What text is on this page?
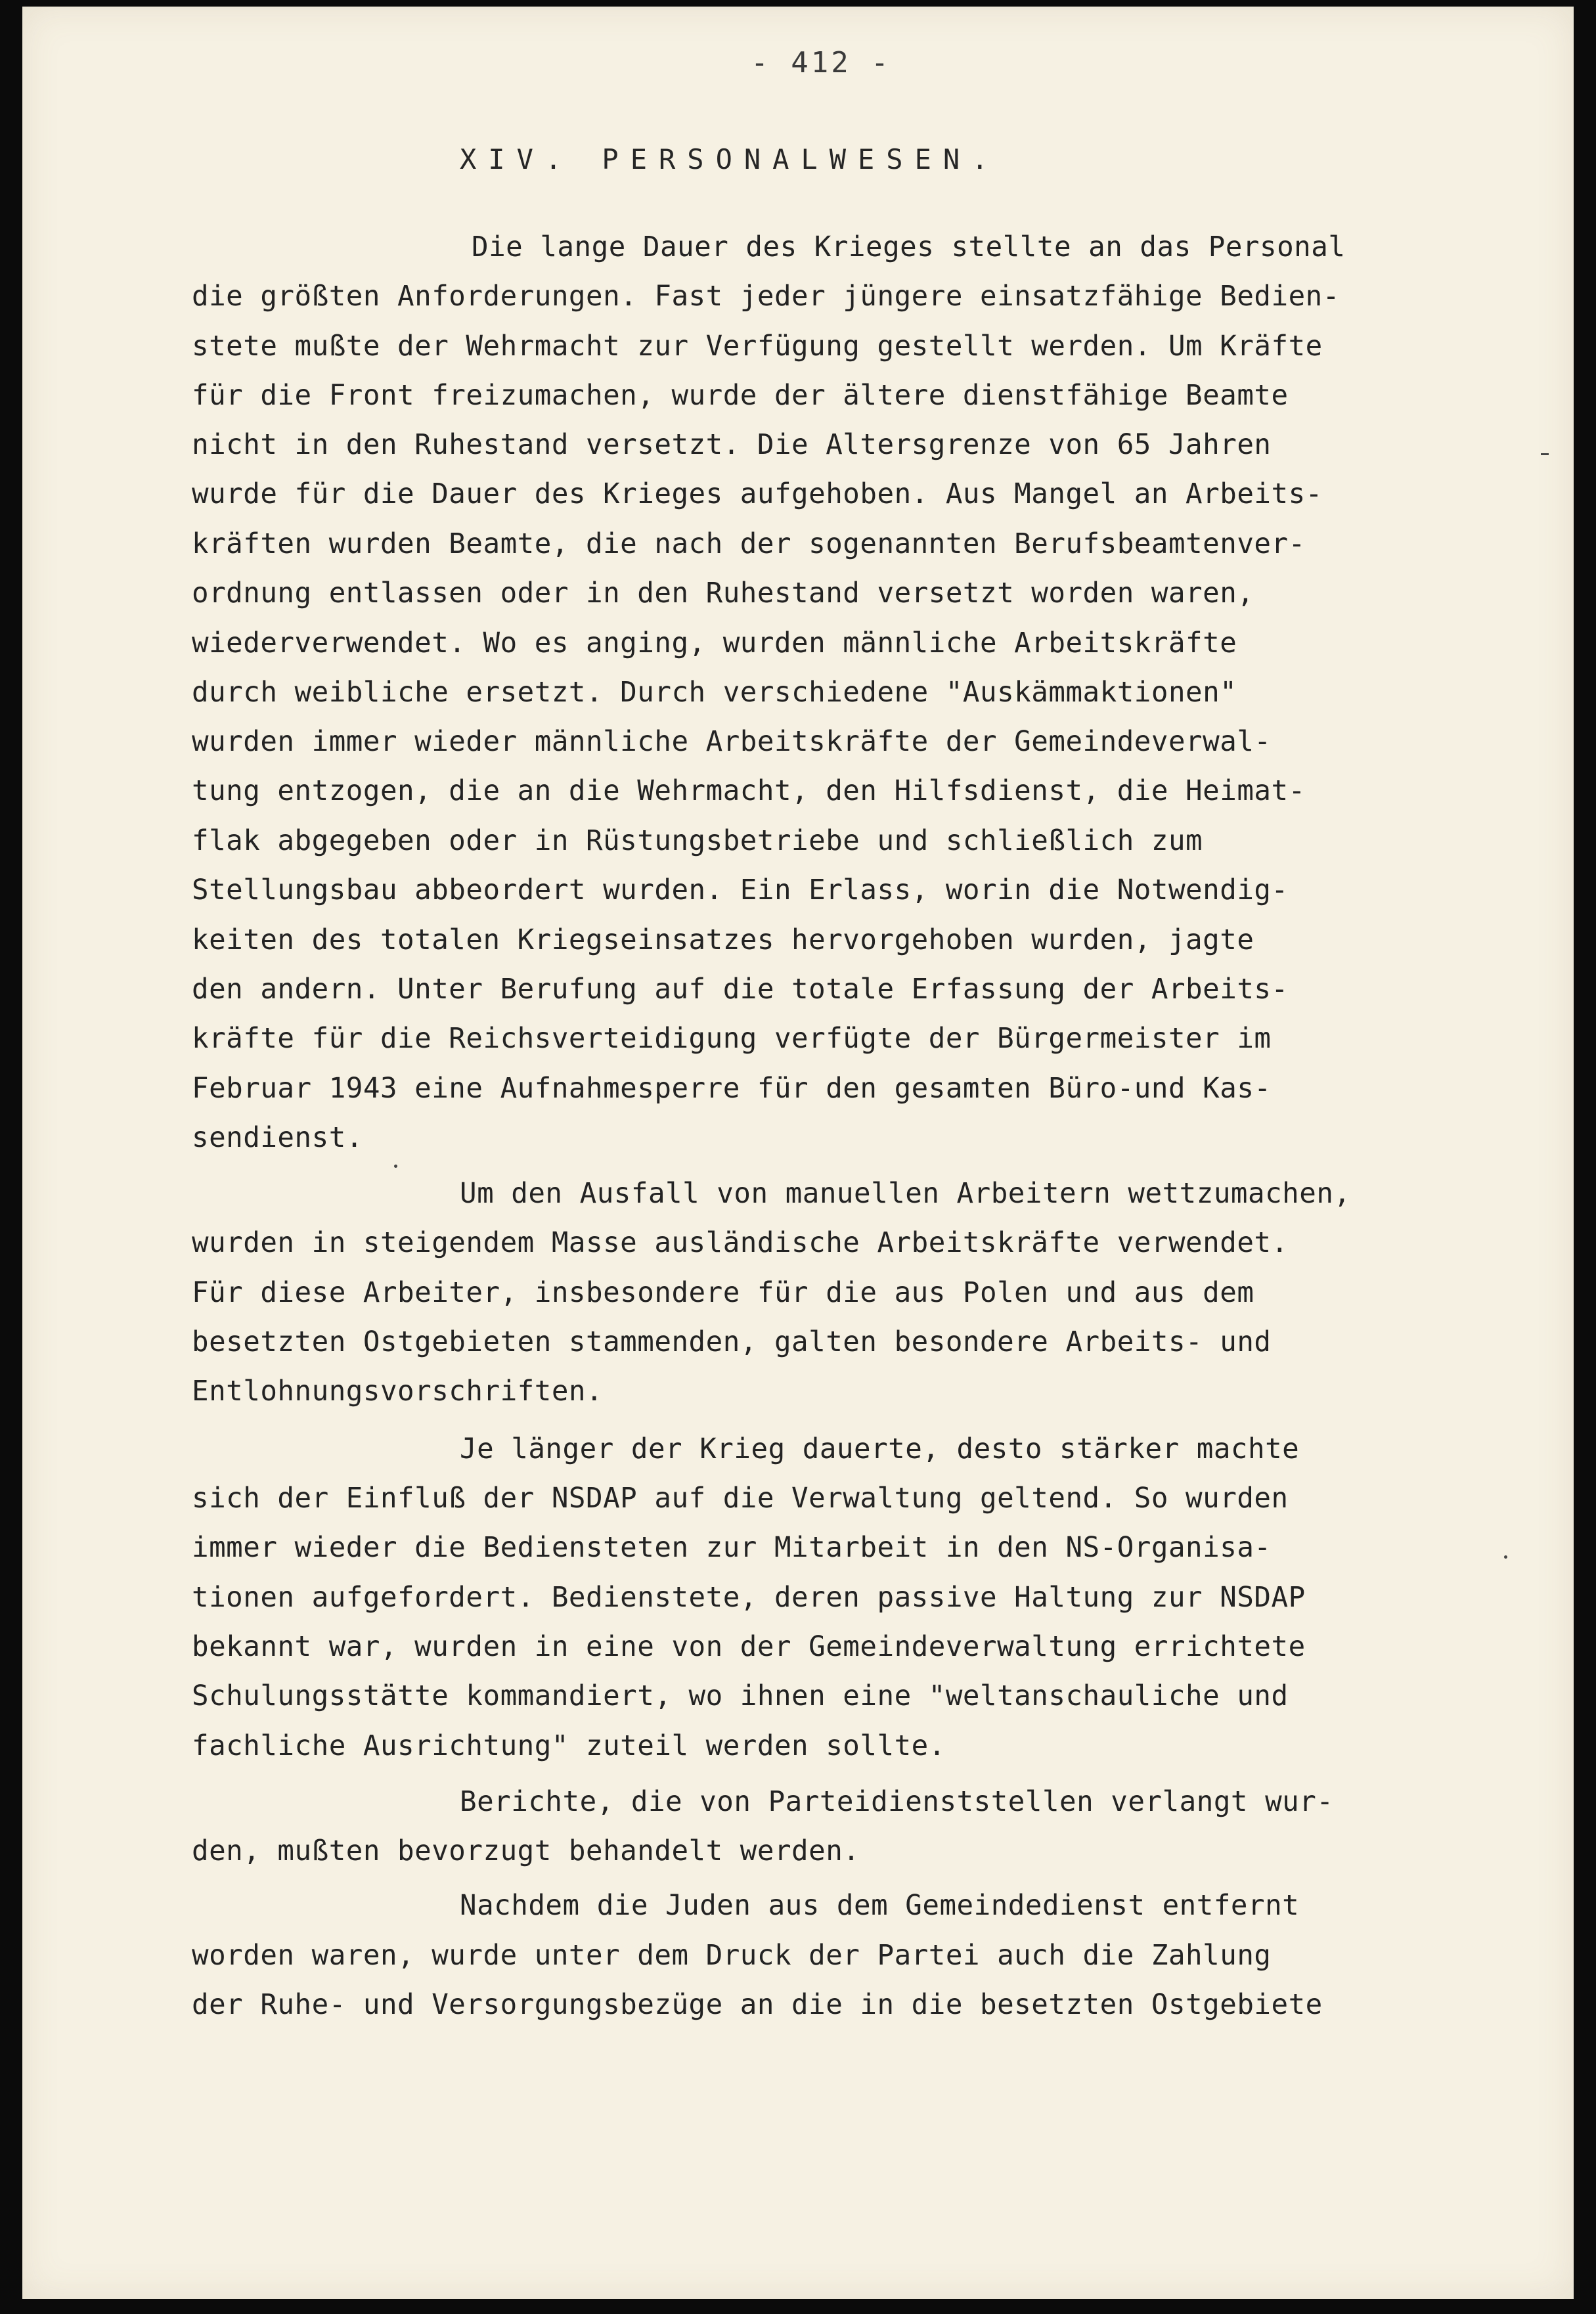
- 412 -
XIV. PERSONALWESEN.
Die lange Dauer des Krieges stellte an das Personal
die größten Anforderungen. Fast jeder jüngere einsatzfähige Bedien-
stete mußte der Wehrmacht zur Verfügung gestellt werden. Um Kräfte
für die Front freizumachen, wurde der ältere dienstfähige Beamte
nicht in den Ruhestand versetzt. Die Altersgrenze von 65 Jahren
wurde für die Dauer des Krieges aufgehoben. Aus Mangel an Arbeits-
kräften wurden Beamte, die nach der sogenannten Berufsbeamtenver-
ordnung entlassen oder in den Ruhestand versetzt worden waren,
wiederverwendet. Wo es anging, wurden männliche Arbeitskräfte
durch weibliche ersetzt. Durch verschiedene "Auskämmaktionen"
wurden immer wieder männliche Arbeitskräfte der Gemeindeverwal-
tung entzogen, die an die Wehrmacht, den Hilfsdienst, die Heimat-
flak abgegeben oder in Rüstungsbetriebe und schließlich zum
Stellungsbau abbeordert wurden. Ein Erlass, worin die Notwendig-
keiten des totalen Kriegseinsatzes hervorgehoben wurden, jagte
den andern. Unter Berufung auf die totale Erfassung der Arbeits-
kräfte für die Reichsverteidigung verfügte der Bürgermeister im
Februar 1943 eine Aufnahmesperre für den gesamten Büro-und Kas-
sendienst.
Um den Ausfall von manuellen Arbeitern wettzumachen,
wurden in steigendem Masse ausländische Arbeitskräfte verwendet.
Für diese Arbeiter, insbesondere für die aus Polen und aus dem
besetzten Ostgebieten stammenden, galten besondere Arbeits- und
Entlohnungsvorschriften.
Je länger der Krieg dauerte, desto stärker machte
sich der Einfluß der NSDAP auf die Verwaltung geltend. So wurden
immer wieder die Bediensteten zur Mitarbeit in den NS-Organisa-
tionen aufgefordert. Bedienstete, deren passive Haltung zur NSDAP
bekannt war, wurden in eine von der Gemeindeverwaltung errichtete
Schulungsstätte kommandiert, wo ihnen eine "weltanschauliche und
fachliche Ausrichtung" zuteil werden sollte.
Berichte, die von Parteidienststellen verlangt wur-
den, mußten bevorzugt behandelt werden.
Nachdem die Juden aus dem Gemeindedienst entfernt
worden waren, wurde unter dem Druck der Partei auch die Zahlung
der Ruhe- und Versorgungsbezüge an die in die besetzten Ostgebiete
